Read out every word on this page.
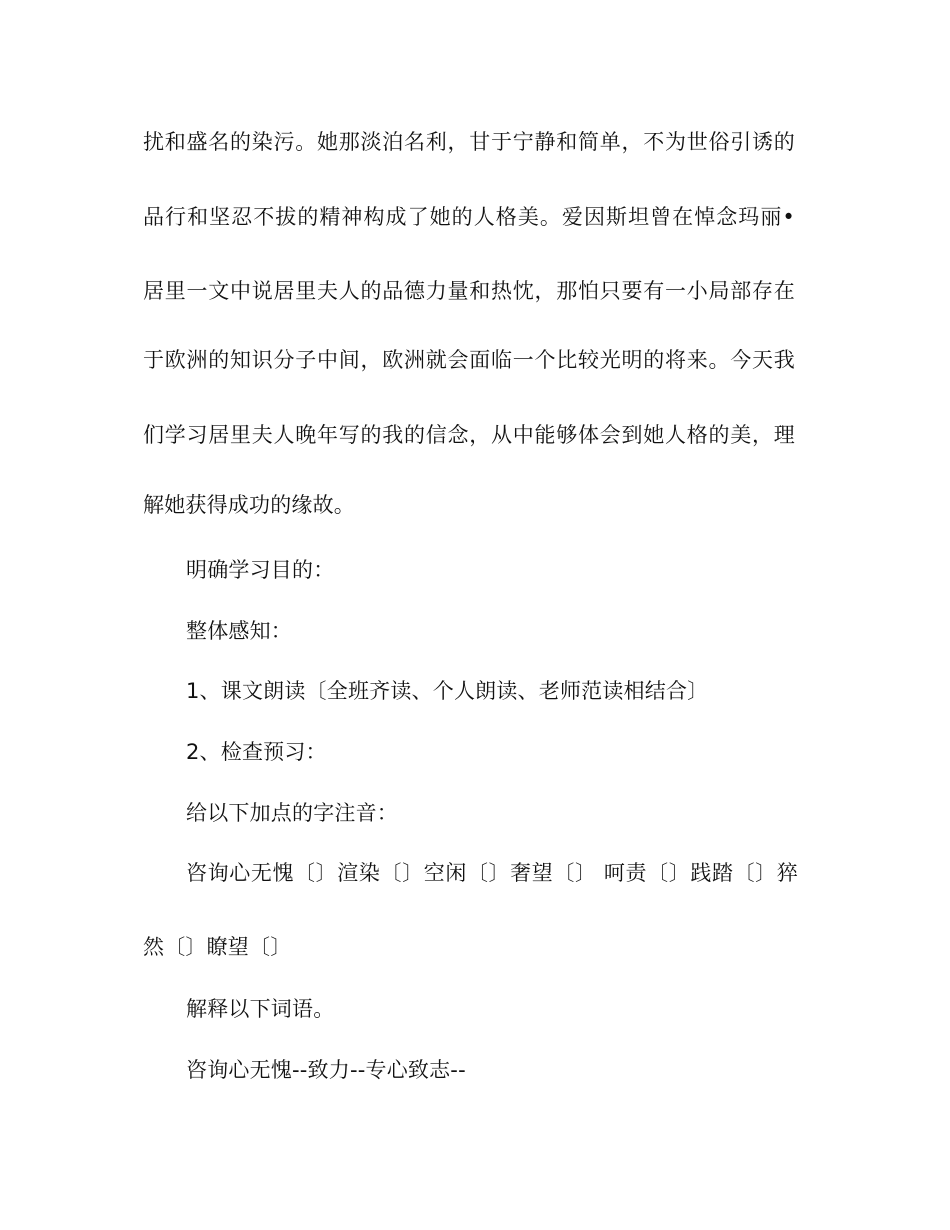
扰和盛名的染污。她那淡泊名利，甘于宁静和简单，不为世俗引诱的
品行和坚忍不拔的精神构成了她的人格美。爱因斯坦曾在悼念玛丽•
居里一文中说居里夫人的品德力量和热忱，那怕只要有一小局部存在
于欧洲的知识分子中间，欧洲就会面临一个比较光明的将来。今天我
们学习居里夫人晚年写的我的信念，从中能够体会到她人格的美，理
解她获得成功的缘故。
明确学习目的：
整体感知：
1、课文朗读〔全班齐读、个人朗读、老师范读相结合〕
2、检查预习：
给以下加点的字注音：
咨询心无愧〔〕渲染〔〕空闲〔〕奢望〔〕 呵责〔〕践踏〔〕猝
然〔〕瞭望〔〕
解释以下词语。
咨询心无愧--致力--专心致志--
